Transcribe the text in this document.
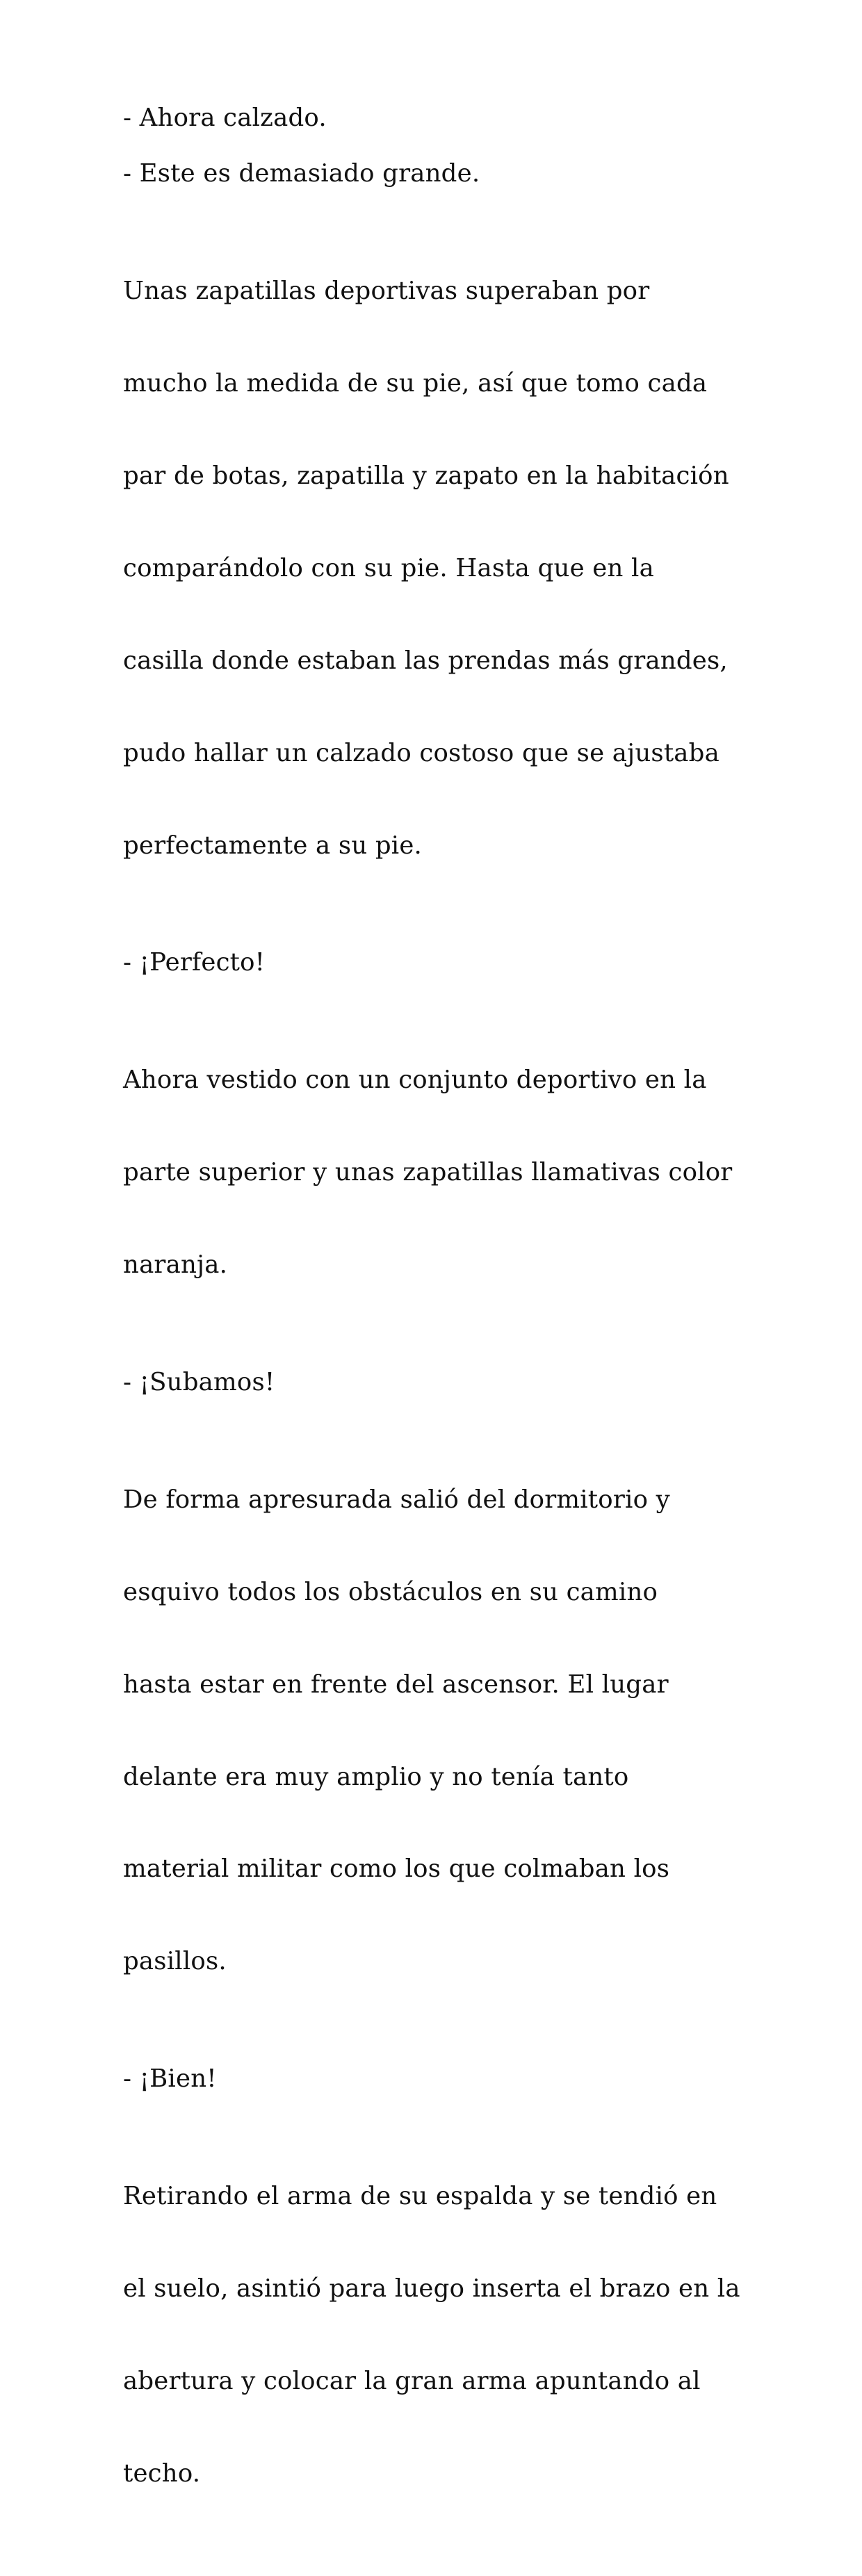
- Ahora calzado.
- Este es demasiado grande.

Unas zapatillas deportivas superaban por

mucho la medida de su pie, así que tomo cada

par de botas, zapatilla y zapato en la habitación

comparándolo con su pie. Hasta que en la

casilla donde estaban las prendas más grandes,

pudo hallar un calzado costoso que se ajustaba

perfectamente a su pie.

- ¡Perfecto!

Ahora vestido con un conjunto deportivo en la

parte superior y unas zapatillas llamativas color

naranja.

- ¡Subamos!

De forma apresurada salió del dormitorio y

esquivo todos los obstáculos en su camino

hasta estar en frente del ascensor. El lugar

delante era muy amplio y no tenía tanto

material militar como los que colmaban los

pasillos.

- ¡Bien!

Retirando el arma de su espalda y se tendió en

el suelo, asintió para luego inserta el brazo en la

abertura y colocar la gran arma apuntando al

techo.
